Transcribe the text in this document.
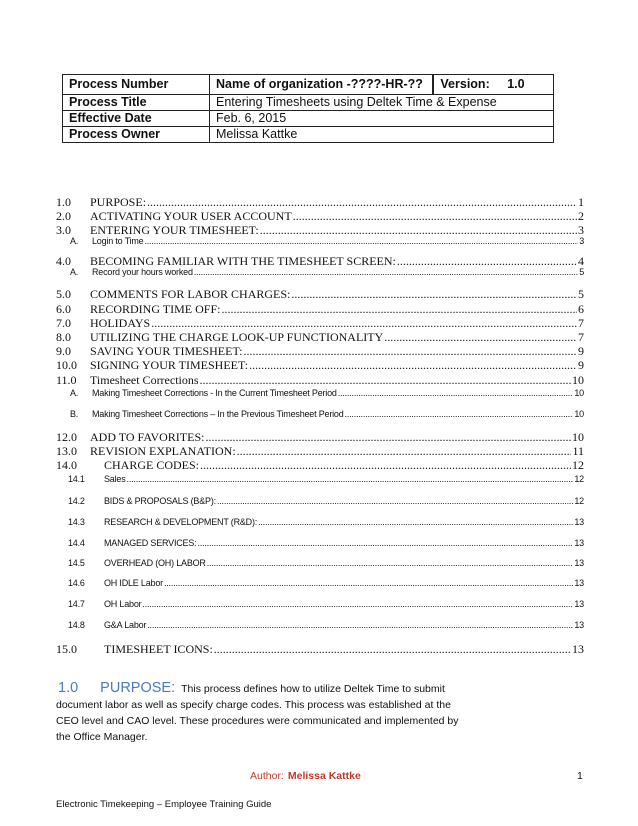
Process Number	Name of organization -????-HR-?? Version: 1.0
Process Title	Entering Timesheets using Deltek Time & Expense
Effective Date	Feb. 6, 2015
Process Owner	Melissa Kattke
1.0	PURPOSE: .....	1
2.0	ACTIVATING YOUR USER ACCOUNT .....	2
3.0	ENTERING YOUR TIMESHEET: .....	3
A.	Login to Time .....	3
4.0	BECOMING FAMILIAR WITH THE TIMESHEET SCREEN: .....	4
A.	Record your hours worked .....	5
5.0	COMMENTS FOR LABOR CHARGES: .....	5
6.0	RECORDING TIME OFF: .....	6
7.0	HOLIDAYS .....	7
8.0	UTILIZING THE CHARGE LOOK-UP FUNCTIONALITY .....	7
9.0	SAVING YOUR TIMESHEET: .....	9
10.0	SIGNING YOUR TIMESHEET: .....	9
11.0	Timesheet Corrections .....	10
A.	Making Timesheet Corrections - In the Current Timesheet Period .....	10
B.	Making Timesheet Corrections – In the Previous Timesheet Period .....	10
12.0	ADD TO FAVORITES: .....	10
13.0	REVISION EXPLANATION: .....	11
14.0	CHARGE CODES: .....	12
14.1	Sales .....	12
14.2	BIDS & PROPOSALS (B&P): .....	12
14.3	RESEARCH & DEVELOPMENT (R&D): .....	13
14.4	MANAGED SERVICES: .....	13
14.5	OVERHEAD (OH) LABOR .....	13
14.6	OH IDLE Labor .....	13
14.7	OH Labor .....	13
14.8	G&A Labor .....	13
15.0	TIMESHEET ICONS: .....	13
1.0 PURPOSE: This process defines how to utilize Deltek Time to submit
document labor as well as specify charge codes. This process was established at the
CEO level and CAO level. These procedures were communicated and implemented by
the Office Manager.
Author: Melissa Kattke	1
Electronic Timekeeping – Employee Training Guide
